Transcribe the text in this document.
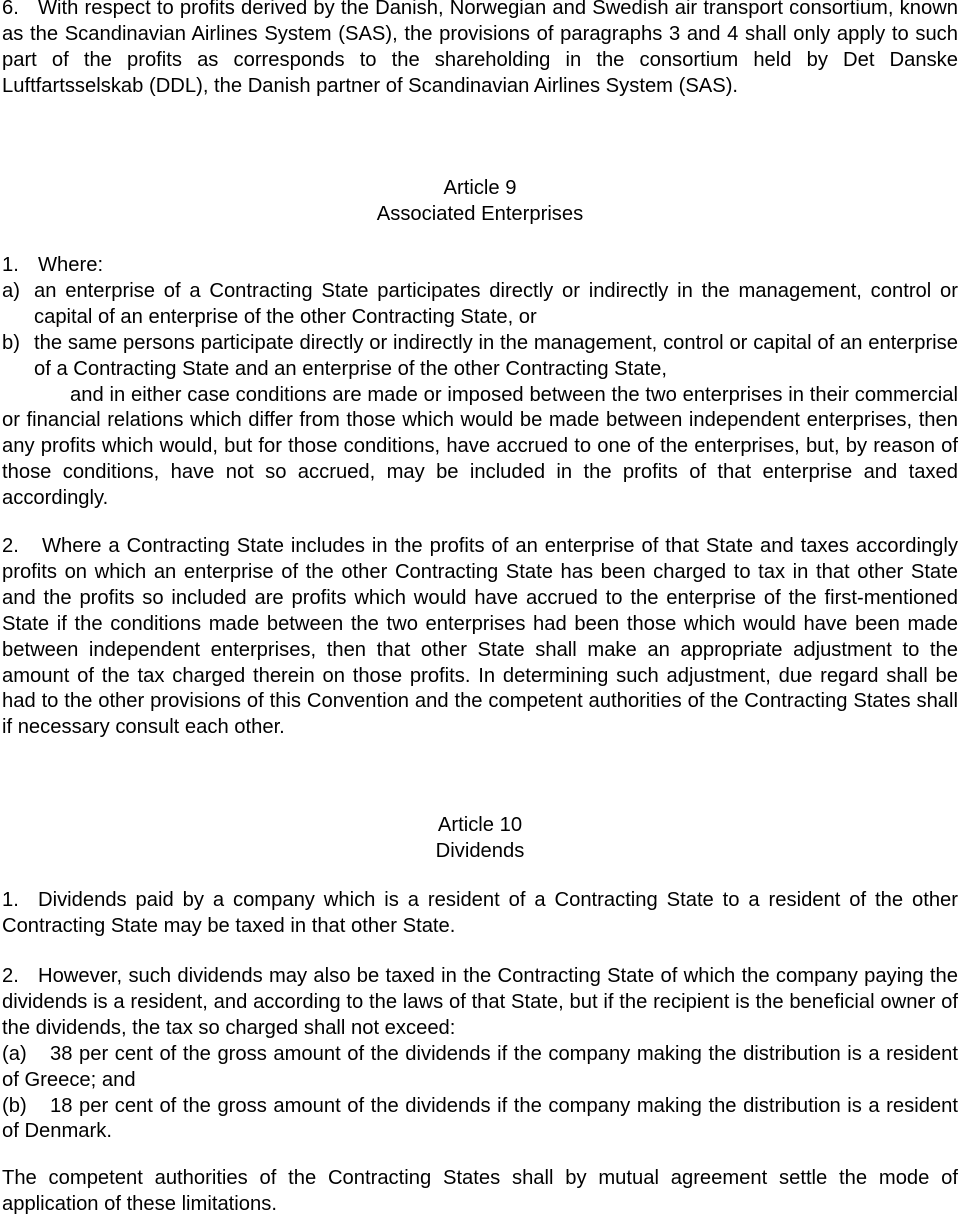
6. With respect to profits derived by the Danish, Norwegian and Swedish air transport consortium, known as the Scandinavian Airlines System (SAS), the provisions of paragraphs 3 and 4 shall only apply to such part of the profits as corresponds to the shareholding in the consortium held by Det Danske Luftfartsselskab (DDL), the Danish partner of Scandinavian Airlines System (SAS).

Article 9

Associated Enterprises

1. Where:

a) an enterprise of a Contracting State participates directly or indirectly in the management, control or capital of an enterprise of the other Contracting State, or

b) the same persons participate directly or indirectly in the management, control or capital of an enterprise of a Contracting State and an enterprise of the other Contracting State,

and in either case conditions are made or imposed between the two enterprises in their commercial or financial relations which differ from those which would be made between independent enterprises, then any profits which would, but for those conditions, have accrued to one of the enterprises, but, by reason of those conditions, have not so accrued, may be included in the profits of that enterprise and taxed accordingly.

2. Where a Contracting State includes in the profits of an enterprise of that State and taxes accordingly profits on which an enterprise of the other Contracting State has been charged to tax in that other State and the profits so included are profits which would have accrued to the enterprise of the first-mentioned State if the conditions made between the two enterprises had been those which would have been made between independent enterprises, then that other State shall make an appropriate adjustment to the amount of the tax charged therein on those profits. In determining such adjustment, due regard shall be had to the other provisions of this Convention and the competent authorities of the Contracting States shall if necessary consult each other.

Article 10

Dividends

1. Dividends paid by a company which is a resident of a Contracting State to a resident of the other Contracting State may be taxed in that other State.

2. However, such dividends may also be taxed in the Contracting State of which the company paying the dividends is a resident, and according to the laws of that State, but if the recipient is the beneficial owner of the dividends, the tax so charged shall not exceed:

(a) 38 per cent of the gross amount of the dividends if the company making the distribution is a resident of Greece; and

(b) 18 per cent of the gross amount of the dividends if the company making the distribution is a resident of Denmark.

The competent authorities of the Contracting States shall by mutual agreement settle the mode of application of these limitations.
